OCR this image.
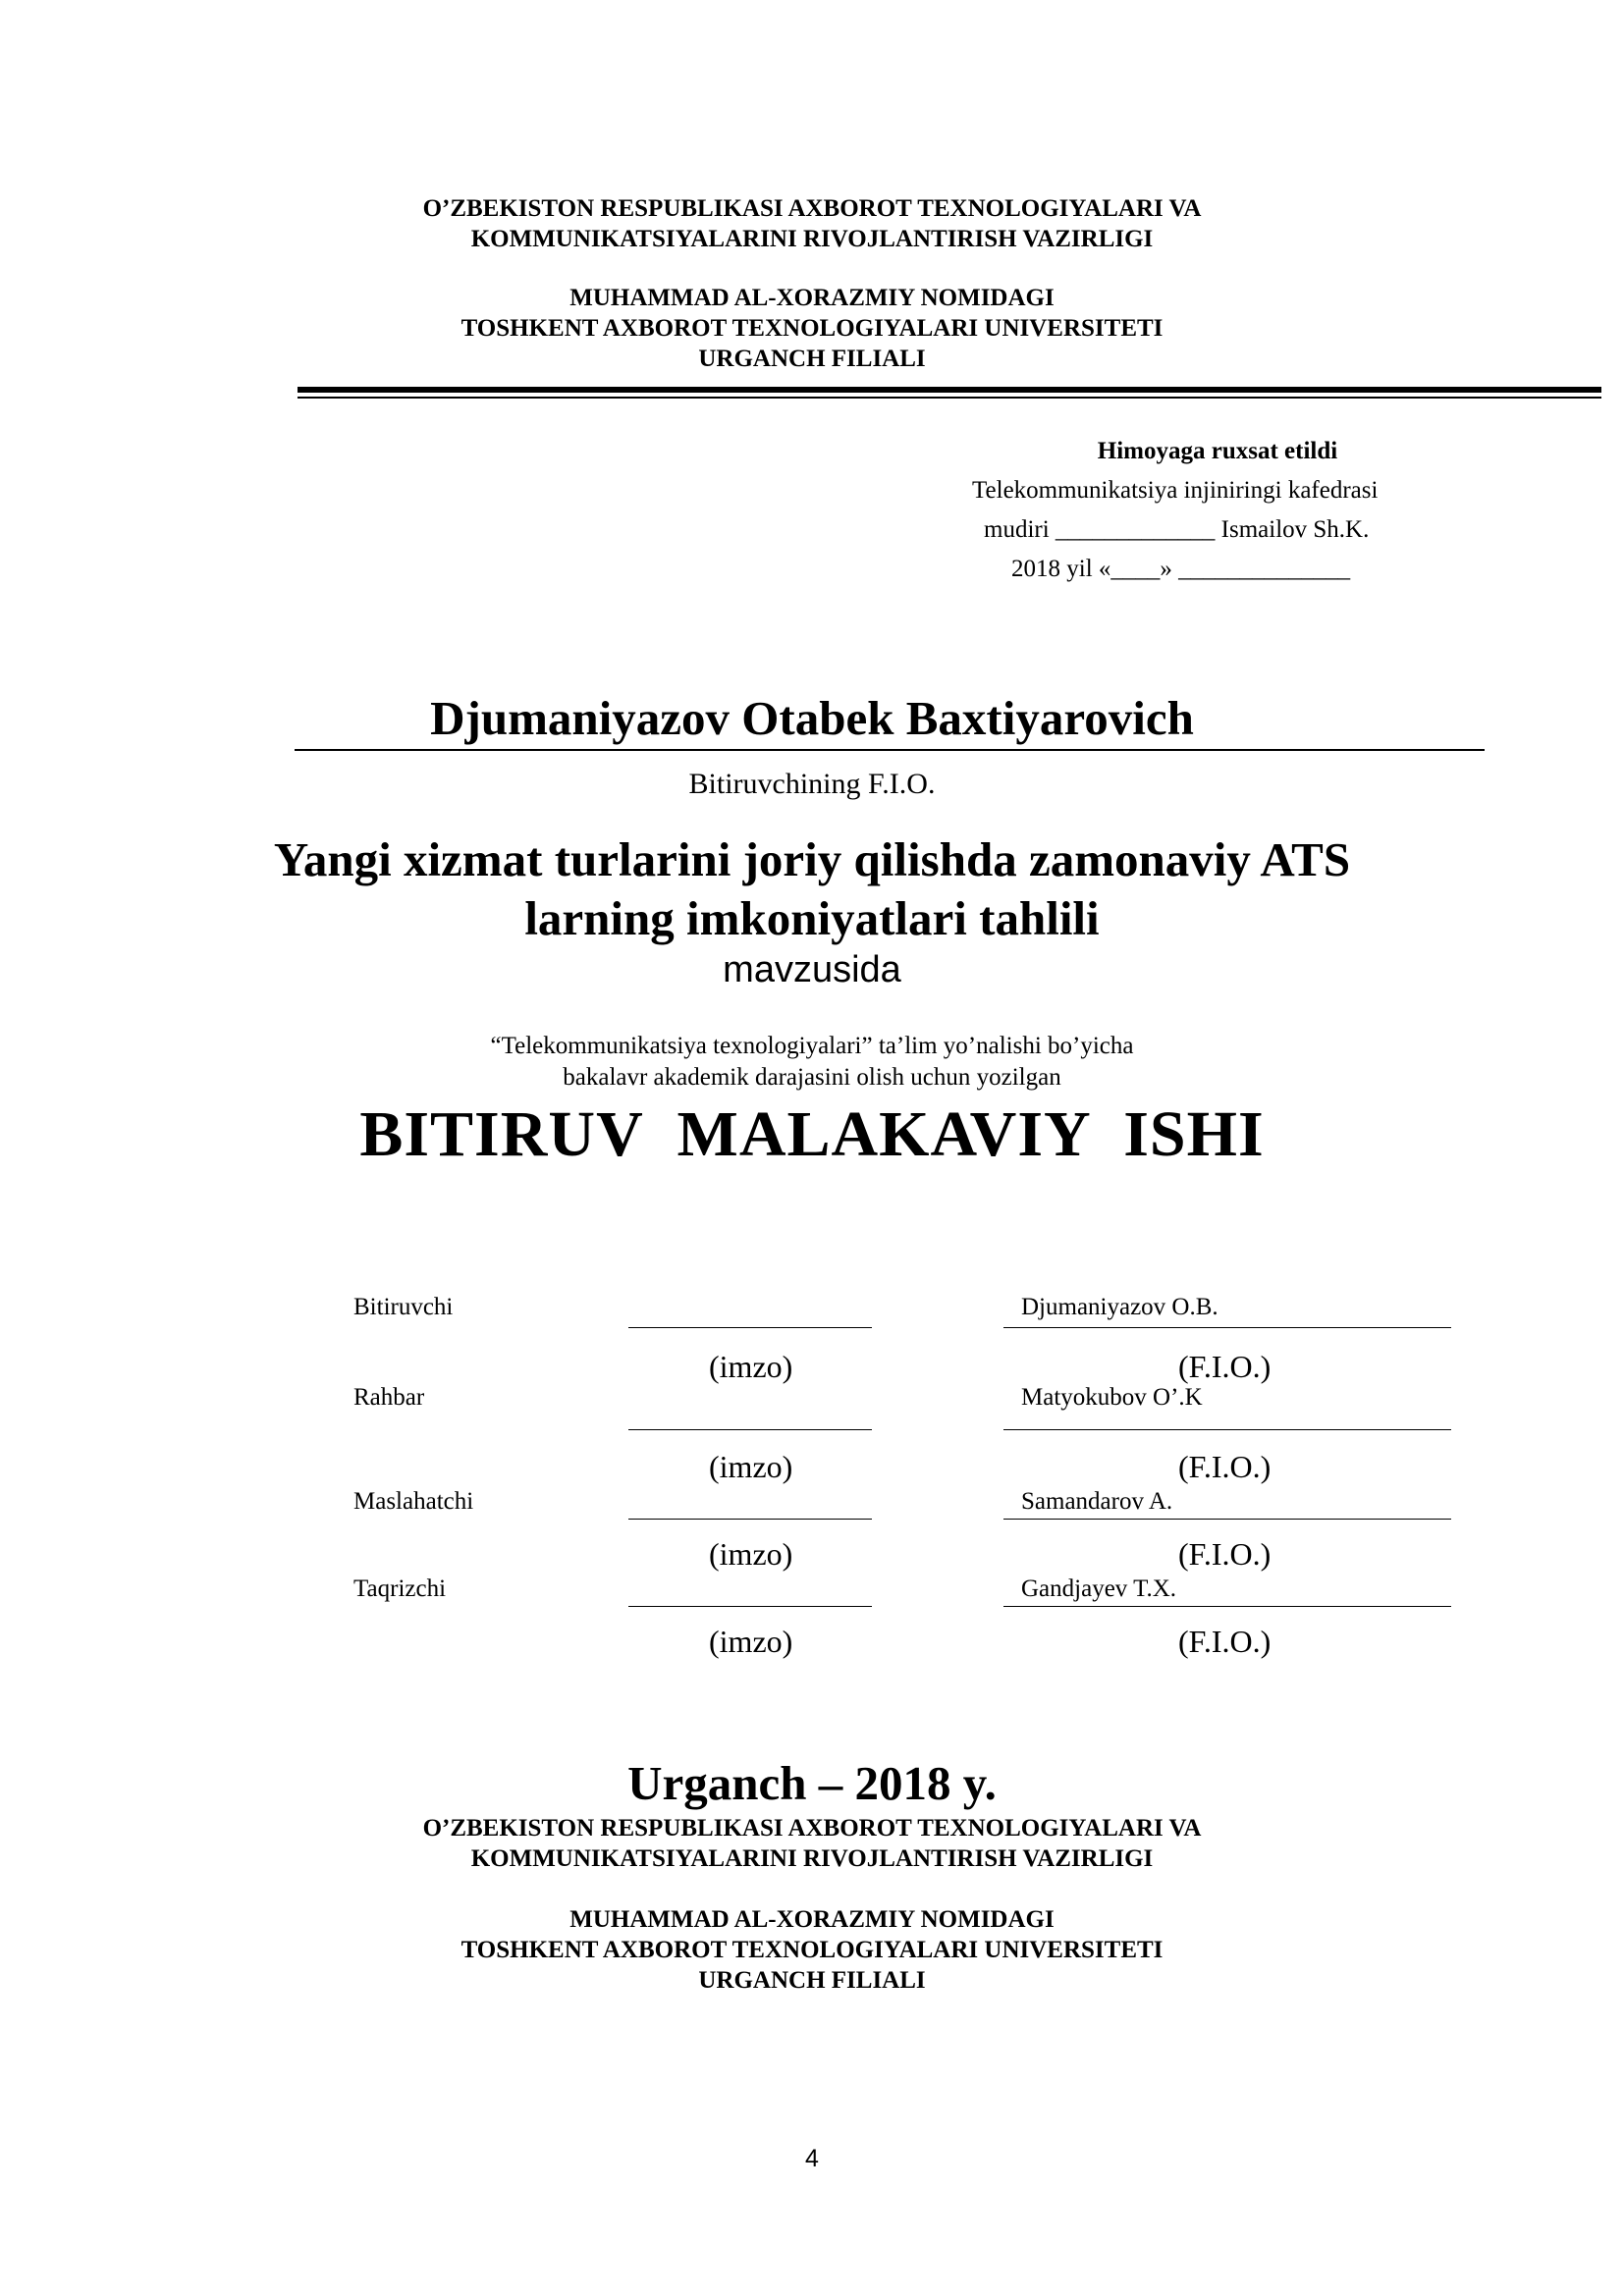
O’ZBEKISTON RESPUBLIKASI AXBOROT TEXNOLOGIYALARI VA
KOMMUNIKATSIYALARINI RIVOJLANTIRISH VAZIRLIGI
MUHAMMAD AL-XORAZMIY NOMIDAGI
TOSHKENT AXBOROT TEXNOLOGIYALARI UNIVERSITETI
URGANCH FILIALI
Himoyaga ruxsat etildi
Telekommunikatsiya injiniringi kafedrasi
mudiri _____________ Ismailov Sh.K.
2018 yil «____» ______________
Djumaniyazov Otabek Baxtiyarovich
Bitiruvchining F.I.O.
Yangi xizmat turlarini joriy qilishda zamonaviy ATS
larning imkoniyatlari tahlili
mavzusida
“Telekommunikatsiya texnologiyalari” ta’lim yo’nalishi bo’yicha
bakalavr akademik darajasini olish uchun yozilgan
BITIRUV  MALAKAVIY  ISHI
Bitiruvchi	Djumaniyazov O.B.
(imzo)	(F.I.O.)
Rahbar	Matyokubov O’.K
(imzo)	(F.I.O.)
Maslahatchi	Samandarov A.
(imzo)	(F.I.O.)
Taqrizchi	Gandjayev T.X.
(imzo)	(F.I.O.)
Urganch – 2018 y.
O’ZBEKISTON RESPUBLIKASI AXBOROT TEXNOLOGIYALARI VA
KOMMUNIKATSIYALARINI RIVOJLANTIRISH VAZIRLIGI
MUHAMMAD AL-XORAZMIY NOMIDAGI
TOSHKENT AXBOROT TEXNOLOGIYALARI UNIVERSITETI
URGANCH FILIALI
4
